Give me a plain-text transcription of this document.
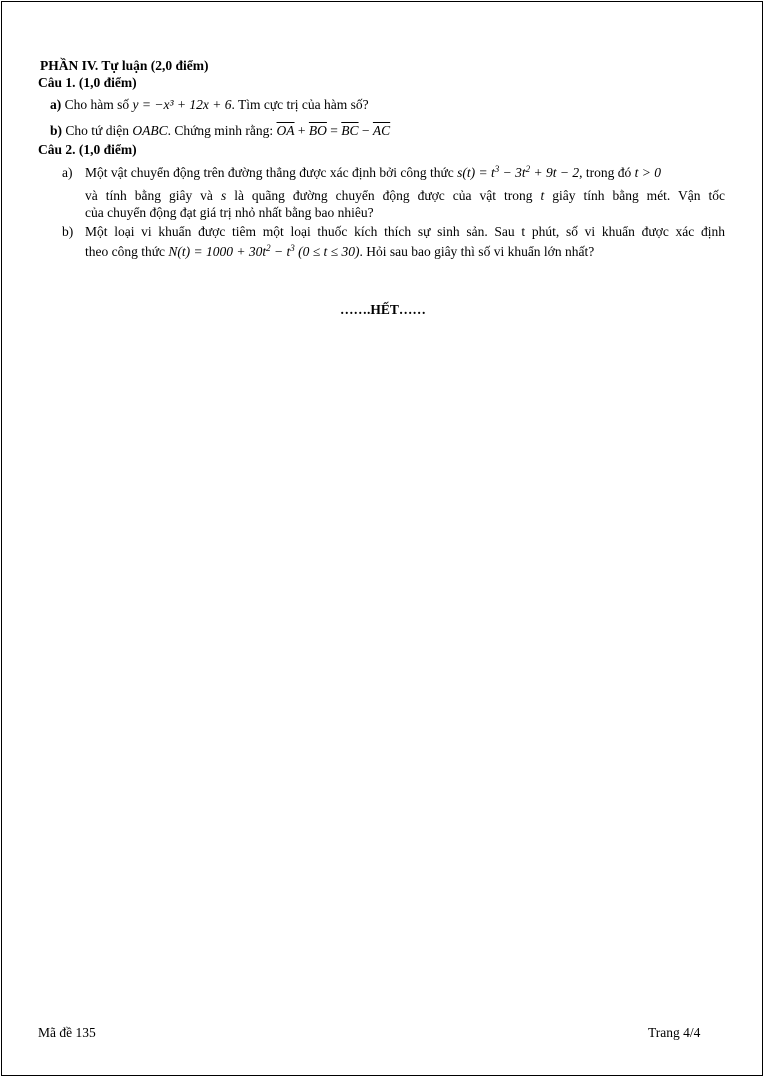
PHẦN IV. Tự luận (2,0 điểm)
Câu 1. (1,0 điểm)
a) Cho hàm số y = −x³ + 12x + 6. Tìm cực trị của hàm số?
b) Cho tứ diện OABC. Chứng minh rằng: $\overline{OA} + \overline{BO} = \overline{BC} - \overline{AC}$
Câu 2. (1,0 điểm)
a) Một vật chuyển động trên đường thẳng được xác định bởi công thức $s(t) = t^3 - 3t^2 + 9t - 2$, trong đó t > 0
và tính bằng giây và s là quãng đường chuyển động được của vật trong t giây tính bằng mét. Vận tốc
của chuyển động đạt giá trị nhỏ nhất bằng bao nhiêu?
b) Một loại vi khuẩn được tiêm một loại thuốc kích thích sự sinh sản. Sau t phút, số vi khuẩn được xác định
theo công thức $N(t) = 1000 + 30t^2 - t^3$ (0 ≤ t ≤ 30). Hỏi sau bao giây thì số vi khuẩn lớn nhất?
…….HẾT……
Mã đề 135	Trang 4/4
